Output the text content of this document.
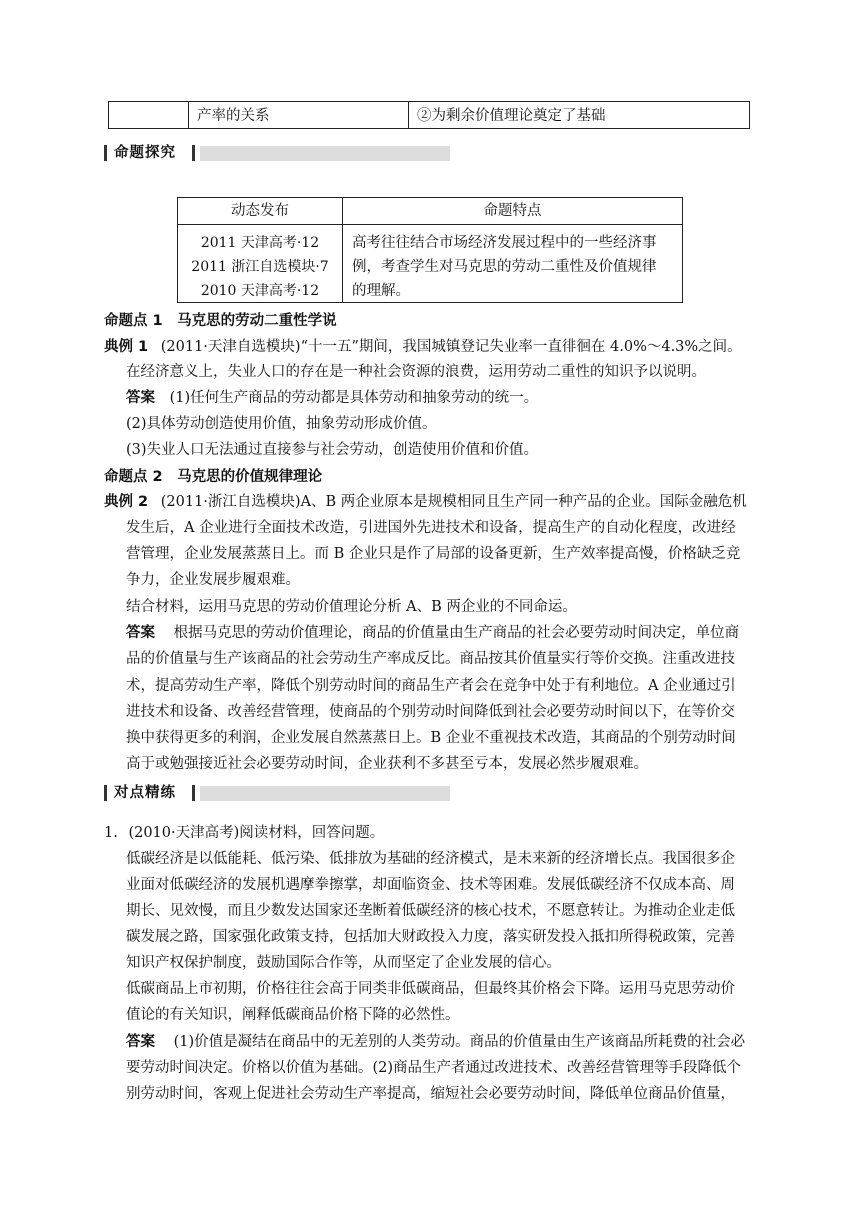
产率的关系	②为剩余价值理论奠定了基础
命题探究
动态发布	命题特点
2011 天津高考·12
2011 浙江自选模块·7
2010 天津高考·12
高考往往结合市场经济发展过程中的一些经济事
例，考查学生对马克思的劳动二重性及价值规律
的理解。
命题点 1　马克思的劳动二重性学说
典例 1 (2011·天津自选模块)“十一五”期间，我国城镇登记失业率一直徘徊在 4.0%～4.3%之间。
在经济意义上，失业人口的存在是一种社会资源的浪费，运用劳动二重性的知识予以说明。
答案 (1)任何生产商品的劳动都是具体劳动和抽象劳动的统一。
(2)具体劳动创造使用价值，抽象劳动形成价值。
(3)失业人口无法通过直接参与社会劳动，创造使用价值和价值。
命题点 2　马克思的价值规律理论
典例 2 (2011·浙江自选模块)A、B 两企业原本是规模相同且生产同一种产品的企业。国际金融危机
发生后，A 企业进行全面技术改造，引进国外先进技术和设备，提高生产的自动化程度，改进经
营管理，企业发展蒸蒸日上。而 B 企业只是作了局部的设备更新，生产效率提高慢，价格缺乏竞
争力，企业发展步履艰难。
结合材料，运用马克思的劳动价值理论分析 A、B 两企业的不同命运。
答案 根据马克思的劳动价值理论，商品的价值量由生产商品的社会必要劳动时间决定，单位商
品的价值量与生产该商品的社会劳动生产率成反比。商品按其价值量实行等价交换。注重改进技
术，提高劳动生产率，降低个别劳动时间的商品生产者会在竞争中处于有利地位。A 企业通过引
进技术和设备、改善经营管理，使商品的个别劳动时间降低到社会必要劳动时间以下，在等价交
换中获得更多的利润，企业发展自然蒸蒸日上。B 企业不重视技术改造，其商品的个别劳动时间
高于或勉强接近社会必要劳动时间，企业获利不多甚至亏本，发展必然步履艰难。
对点精练
1. (2010·天津高考)阅读材料，回答问题。
低碳经济是以低能耗、低污染、低排放为基础的经济模式，是未来新的经济增长点。我国很多企
业面对低碳经济的发展机遇摩拳擦掌，却面临资金、技术等困难。发展低碳经济不仅成本高、周
期长、见效慢，而且少数发达国家还垄断着低碳经济的核心技术，不愿意转让。为推动企业走低
碳发展之路，国家强化政策支持，包括加大财政投入力度，落实研发投入抵扣所得税政策，完善
知识产权保护制度，鼓励国际合作等，从而坚定了企业发展的信心。
低碳商品上市初期，价格往往会高于同类非低碳商品，但最终其价格会下降。运用马克思劳动价
值论的有关知识，阐释低碳商品价格下降的必然性。
答案 (1)价值是凝结在商品中的无差别的人类劳动。商品的价值量由生产该商品所耗费的社会必
要劳动时间决定。价格以价值为基础。(2)商品生产者通过改进技术、改善经营管理等手段降低个
别劳动时间，客观上促进社会劳动生产率提高，缩短社会必要劳动时间，降低单位商品价值量，
